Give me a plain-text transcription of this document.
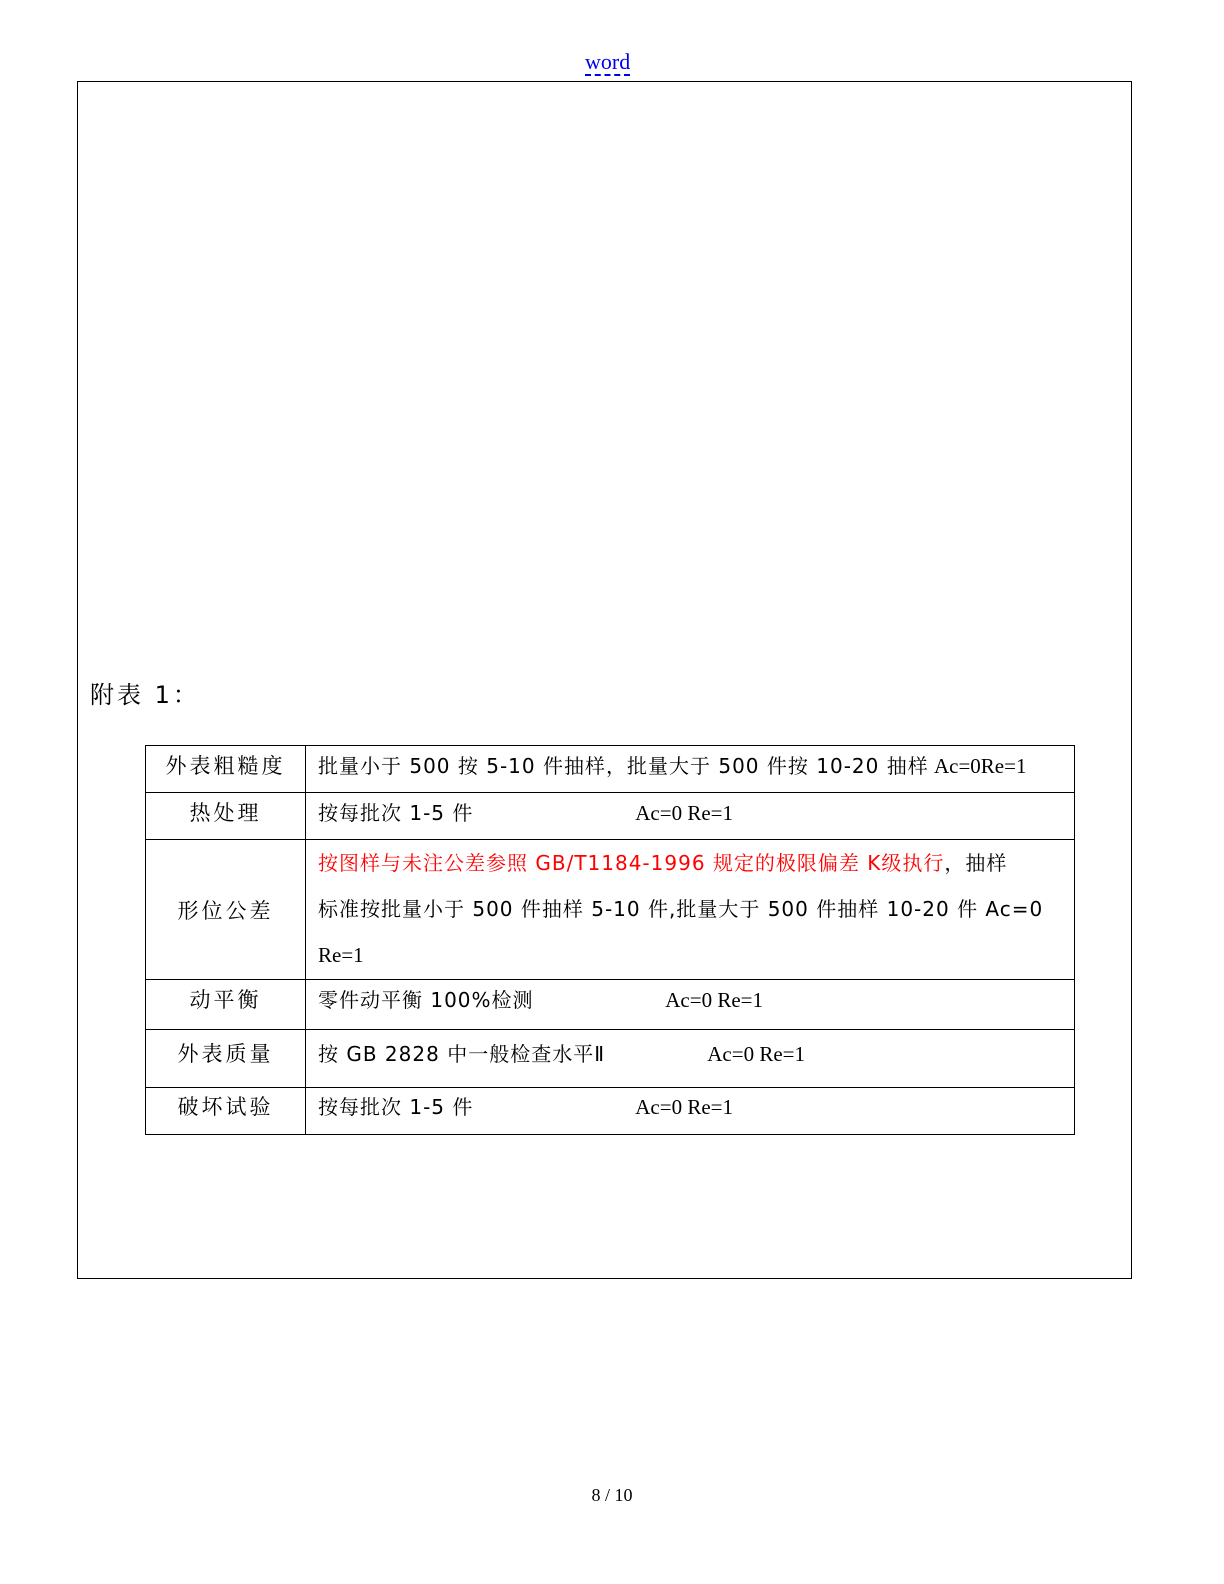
word
附表 1：
外表粗糙度	批量小于 500 按 5-10 件抽样，批量大于 500 件按 10-20 抽样 Ac=0Re=1
热处理	按每批次 1-5 件 Ac=0 Re=1
形位公差	按图样与未注公差参照 GB/T1184-1996 规定的极限偏差 K级执行，抽样
标准按批量小于 500 件抽样 5-10 件,批量大于 500 件抽样 10-20 件 Ac=0
Re=1

动平衡	零件动平衡 100%检测 Ac=0 Re=1
外表质量	按 GB 2828 中一般检查水平Ⅱ Ac=0 Re=1
破坏试验	按每批次 1-5 件 Ac=0 Re=1
8 / 10
